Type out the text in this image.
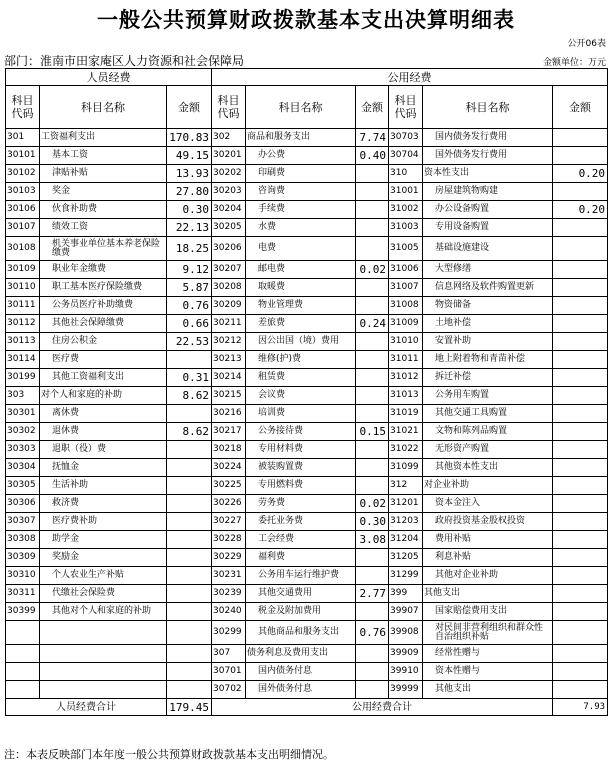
一般公共预算财政拨款基本支出决算明细表
公开06表
部门：淮南市田家庵区人力资源和社会保障局	金额单位：万元
人员经费			公用经费					
科目代码	科目名称	金额	科目代码	科目名称	金额	科目代码	科目名称	金额
301	工资福利支出	170.83	302	商品和服务支出	7.74	30703	国内债务发行费用	
30101	基本工资	49.15	30201	办公费	0.40	30704	国外债务发行费用	
30102	津贴补贴	13.93	30202	印刷费		310	资本性支出	0.20
30103	奖金	27.80	30203	咨询费		31001	房屋建筑物购建	
30106	伙食补助费	0.30	30204	手续费		31002	办公设备购置	0.20
30107	绩效工资	22.13	30205	水费		31003	专用设备购置	
30108	机关事业单位基本养老保险缴费	18.25	30206	电费		31005	基础设施建设	
30109	职业年金缴费	9.12	30207	邮电费	0.02	31006	大型修缮	
30110	职工基本医疗保险缴费	5.87	30208	取暖费		31007	信息网络及软件购置更新	
30111	公务员医疗补助缴费	0.76	30209	物业管理费		31008	物资储备	
30112	其他社会保障缴费	0.66	30211	差旅费	0.24	31009	土地补偿	
30113	住房公积金	22.53	30212	因公出国（境）费用		31010	安置补助	
30114	医疗费		30213	维修(护)费		31011	地上附着物和青苗补偿	
30199	其他工资福利支出	0.31	30214	租赁费		31012	拆迁补偿	
303	对个人和家庭的补助	8.62	30215	会议费		31013	公务用车购置	
30301	离休费		30216	培训费		31019	其他交通工具购置	
30302	退休费	8.62	30217	公务接待费	0.15	31021	文物和陈列品购置	
30303	退职（役）费		30218	专用材料费		31022	无形资产购置	
30304	抚恤金		30224	被装购置费		31099	其他资本性支出	
30305	生活补助		30225	专用燃料费		312	对企业补助	
30306	救济费		30226	劳务费	0.02	31201	资本金注入	
30307	医疗费补助		30227	委托业务费	0.30	31203	政府投资基金股权投资	
30308	助学金		30228	工会经费	3.08	31204	费用补贴	
30309	奖励金		30229	福利费		31205	利息补贴	
30310	个人农业生产补贴		30231	公务用车运行维护费		31299	其他对企业补助	
30311	代缴社会保险费		30239	其他交通费用	2.77	399	其他支出	
30399	其他对个人和家庭的补助		30240	税金及附加费用		39907	国家赔偿费用支出	
			30299	其他商品和服务支出	0.76	39908	对民间非营利组织和群众性自治组织补贴	
			307	债务利息及费用支出		39909	经常性赠与	
			30701	国内债务付息		39910	资本性赠与	
			30702	国外债务付息		39999	其他支出	
人员经费合计		179.45	公用经费合计					7.93
注：本表反映部门本年度一般公共预算财政拨款基本支出明细情况。
